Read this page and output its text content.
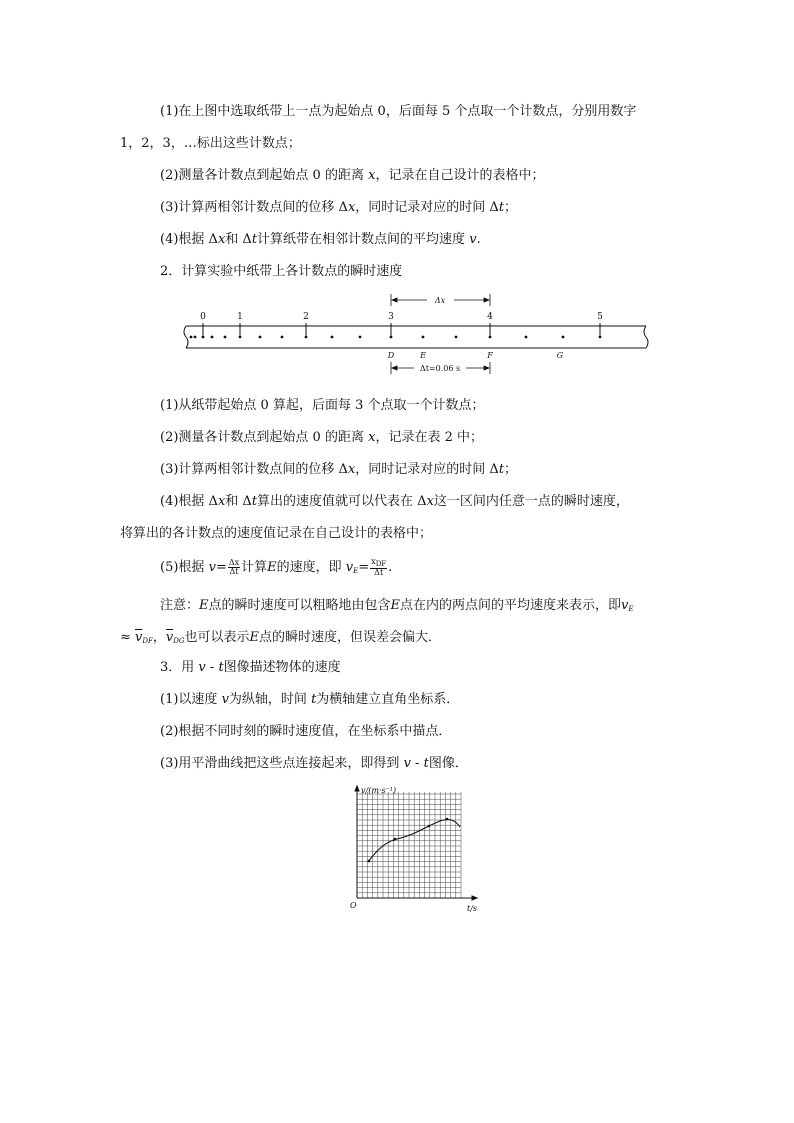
(1)在上图中选取纸带上一点为起始点 0，后面每 5 个点取一个计数点，分别用数字
1，2，3，…标出这些计数点；
(2)测量各计数点到起始点 0 的距离 x，记录在自己设计的表格中；
(3)计算两相邻计数点间的位移 Δx，同时记录对应的时间 Δt；
(4)根据 Δx和 Δt计算纸带在相邻计数点间的平均速度 v.
2．计算实验中纸带上各计数点的瞬时速度
0	1	2	3	4	5
D	E	F	G
Δx
Δt=0.06 s
(1)从纸带起始点 0 算起，后面每 3 个点取一个计数点；
(2)测量各计数点到起始点 0 的距离 x，记录在表 2 中；
(3)计算两相邻计数点间的位移 Δx，同时记录对应的时间 Δt；
(4)根据 Δx和 Δt算出的速度值就可以代表在 Δx这一区间内任意一点的瞬时速度，
将算出的各计数点的速度值记录在自己设计的表格中；
(5)根据 $v= \frac{\Delta x}{\Delta t}$ 计算E的速度，即 $v_E= \frac{\text{xDF}}{\Delta t}$ .
注意：E点的瞬时速度可以粗略地由包含E点在内的两点间的平均速度来表示，即$v_E$
≈ $\overline{v}_{DF}$，$\overline{v}_{DG}$也可以表示E点的瞬时速度，但误差会偏大．
3．用 v - t图像描述物体的速度
(1)以速度 v为纵轴，时间 t为横轴建立直角坐标系．
(2)根据不同时刻的瞬时速度值，在坐标系中描点．
(3)用平滑曲线把这些点连接起来，即得到 v - t图像．
v/(m·s⁻¹)
t/s
O
